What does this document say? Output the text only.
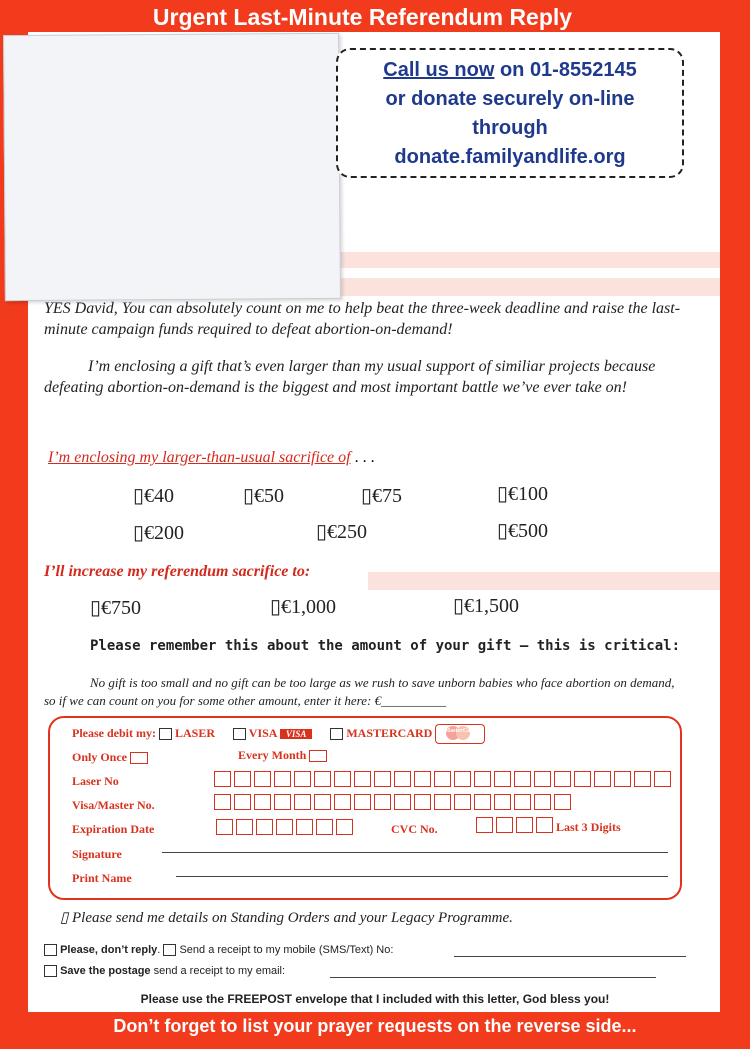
Urgent Last-Minute Referendum Reply
Call us now on 01-8552145
or donate securely on-line
through
donate.familyandlife.org
YES David, You can absolutely count on me to help beat the three-week deadline and raise the last-minute campaign funds required to defeat abortion-on-demand!
I’m enclosing a gift that’s even larger than my usual support of similiar projects because defeating abortion-on-demand is the biggest and most important battle we’ve ever take on!
I’m enclosing my larger-than-usual sacrifice of . . .
▯€40	▯€50	▯€75	▯€100
▯€200	▯€250	▯€500
I’ll increase my referendum sacrifice to:
▯€750	▯€1,000	▯€1,500
Please remember this about the amount of your gift – this is critical:
No gift is too small and no gift can be too large as we rush to save unborn babies who face abortion on demand, so if we can count on you for some other amount, enter it here: €__________
Please debit my: LASER	VISA VISA	MASTERCARD	MasterCard
Only Once	Every Month
Laser No
Visa/Master No.
Expiration Date	CVC No.	Last 3 Digits
Signature
Print Name
▯ Please send me details on Standing Orders and your Legacy Programme.
Please, don’t reply.  Send a receipt to my mobile (SMS/Text) No:
Save the postage send a receipt to my email:
Please use the FREEPOST envelope that I included with this letter, God bless you!
Don’t forget to list your prayer requests on the reverse side...
